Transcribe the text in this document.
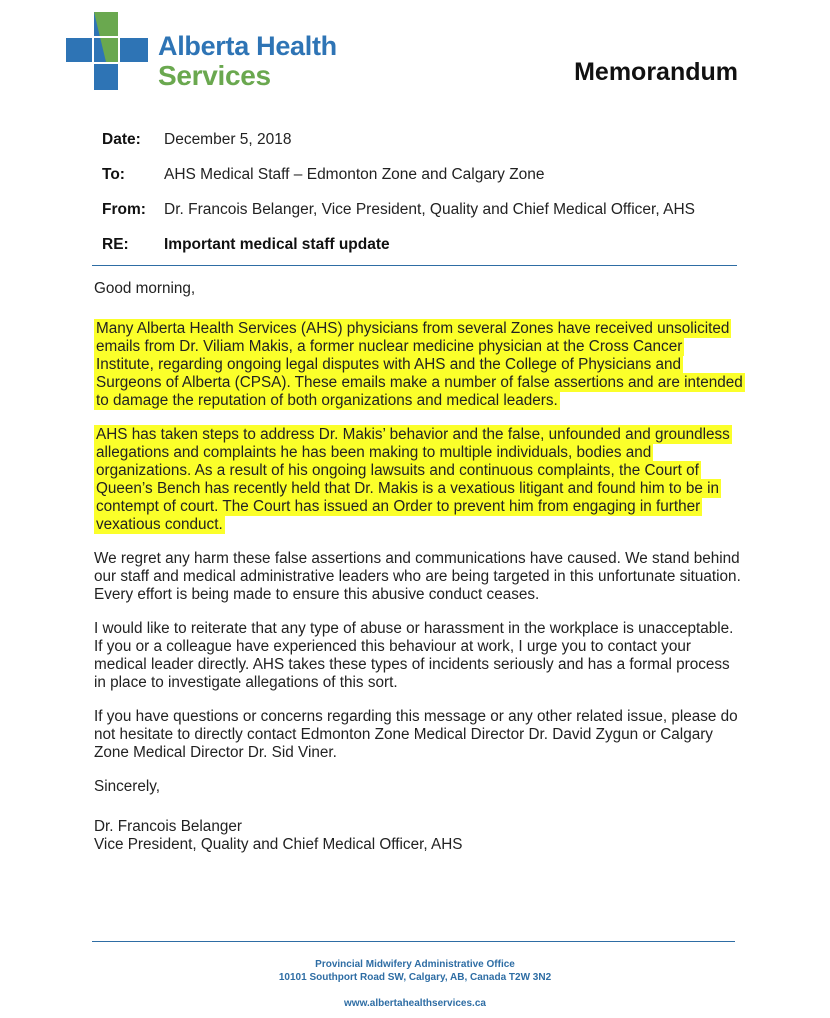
Alberta Health
Services	Memorandum
Date:	December 5, 2018
To:	AHS Medical Staff – Edmonton Zone and Calgary Zone
From:	Dr. Francois Belanger, Vice President, Quality and Chief Medical Officer, AHS
RE:	Important medical staff update

Good morning,

Many Alberta Health Services (AHS) physicians from several Zones have received unsolicited emails from Dr. Viliam Makis, a former nuclear medicine physician at the Cross Cancer Institute, regarding ongoing legal disputes with AHS and the College of Physicians and Surgeons of Alberta (CPSA). These emails make a number of false assertions and are intended to damage the reputation of both organizations and medical leaders.

AHS has taken steps to address Dr. Makis’ behavior and the false, unfounded and groundless allegations and complaints he has been making to multiple individuals, bodies and organizations. As a result of his ongoing lawsuits and continuous complaints, the Court of Queen’s Bench has recently held that Dr. Makis is a vexatious litigant and found him to be in contempt of court. The Court has issued an Order to prevent him from engaging in further vexatious conduct.

We regret any harm these false assertions and communications have caused. We stand behind our staff and medical administrative leaders who are being targeted in this unfortunate situation. Every effort is being made to ensure this abusive conduct ceases.

I would like to reiterate that any type of abuse or harassment in the workplace is unacceptable. If you or a colleague have experienced this behaviour at work, I urge you to contact your medical leader directly. AHS takes these types of incidents seriously and has a formal process in place to investigate allegations of this sort.

If you have questions or concerns regarding this message or any other related issue, please do not hesitate to directly contact Edmonton Zone Medical Director Dr. David Zygun or Calgary Zone Medical Director Dr. Sid Viner.

Sincerely,

Dr. Francois Belanger

Vice President, Quality and Chief Medical Officer, AHS

Provincial Midwifery Administrative Office
10101 Southport Road SW, Calgary, AB, Canada T2W 3N2
www.albertahealthservices.ca
